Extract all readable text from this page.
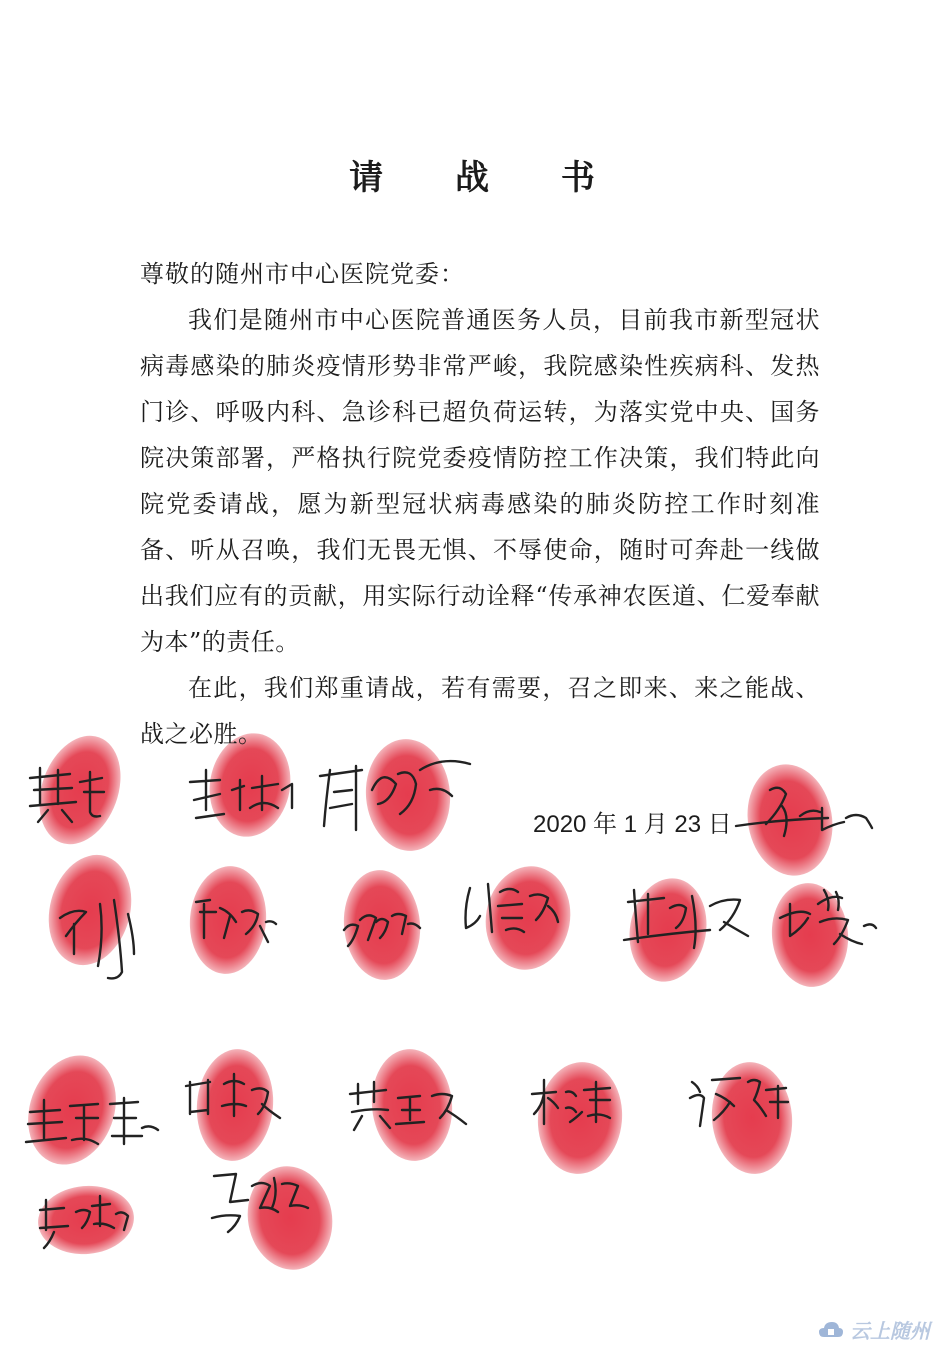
请 战 书
尊敬的随州市中心医院党委：

我们是随州市中心医院普通医务人员，目前我市新型冠状病毒感染的肺炎疫情形势非常严峻，我院感染性疾病科、发热门诊、呼吸内科、急诊科已超负荷运转，为落实党中央、国务院决策部署，严格执行院党委疫情防控工作决策，我们特此向院党委请战，愿为新型冠状病毒感染的肺炎防控工作时刻准备、听从召唤，我们无畏无惧、不辱使命，随时可奔赴一线做出我们应有的贡献，用实际行动诠释“传承神农医道、仁爱奉献为本”的责任。

在此，我们郑重请战，若有需要，召之即来、来之能战、战之必胜。

2020 年 1 月 23 日
云上随州
